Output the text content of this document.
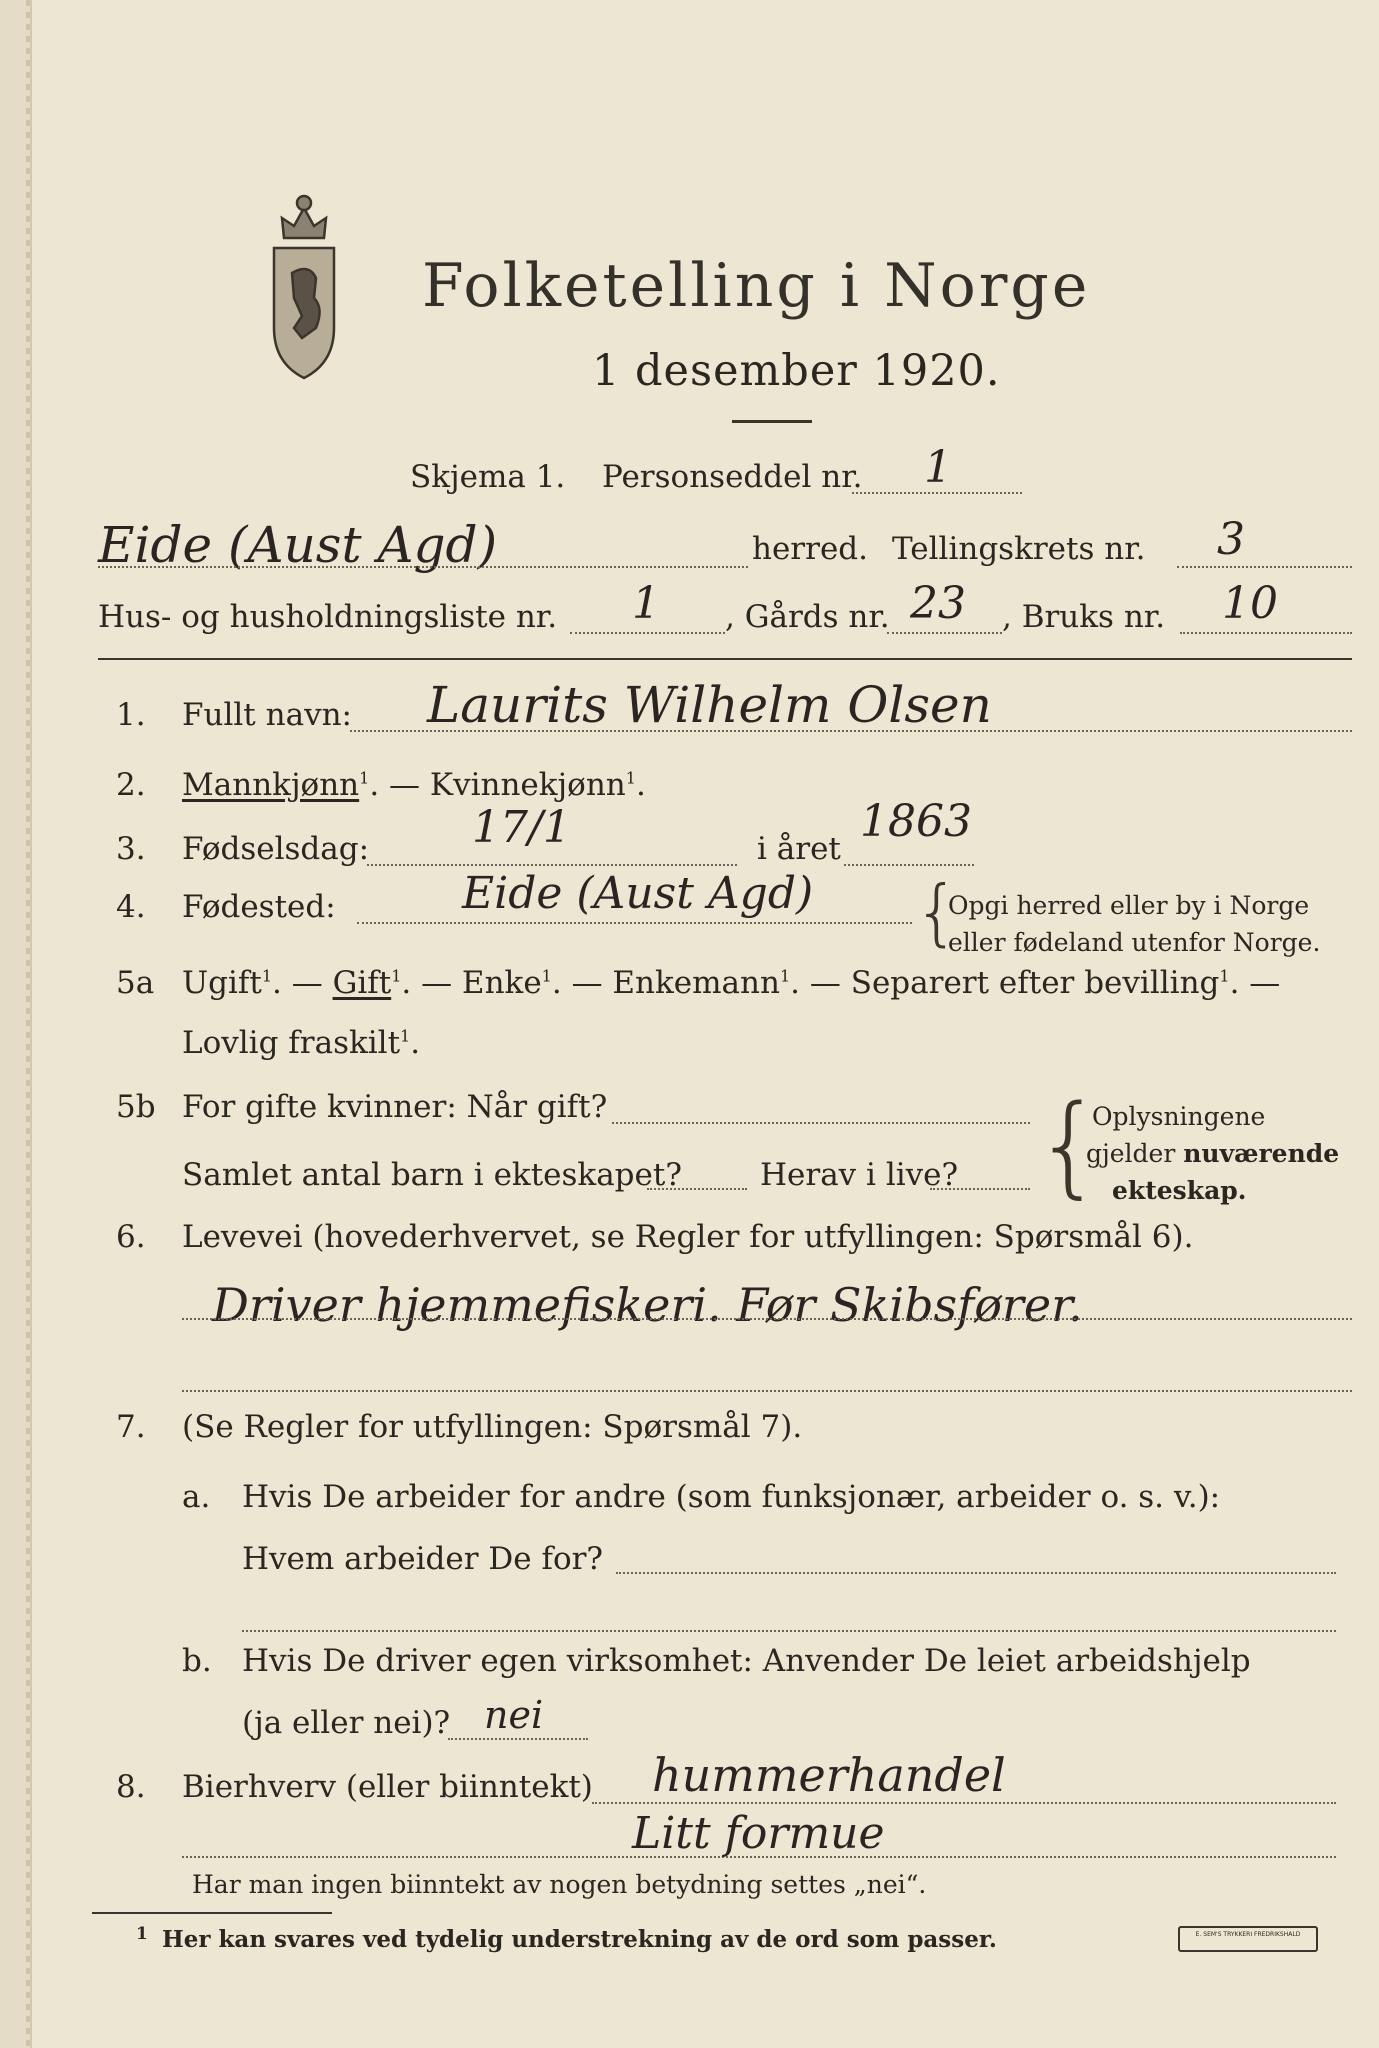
Folketelling i Norge
1 desember 1920.
Skjema 1. Personseddel nr. 1
Eide (Aust Agd)	herred. Tellingskrets nr. 3
Hus- og husholdningsliste nr. 1 , Gårds nr. 23 , Bruks nr. 10
1. Fullt navn: Laurits Wilhelm Olsen
2. Mannkjønn$^1$. — Kvinnekjønn$^1$.
3. Fødselsdag: 17/1	i året
1863
4. Fødested:	Eide (Aust Agd) {
Opgi herred eller by i Norge
eller fødeland utenfor Norge.
5a Ugift$^1$. — Gift$^1$. — Enke$^1$. — Enkemann$^1$. — Separert efter bevilling$^1$. —
Lovlig fraskilt$^1$.
5b For gifte kvinner: Når gift?
Samlet antal barn i ekteskapet?	Herav i live? {
Oplysningene
gjelder nuværende
ekteskap.
6. Levevei (hovederhvervet, se Regler for utfyllingen: Spørsmål 6).
Driver hjemmefiskeri. Før Skibsfører.
7. (Se Regler for utfyllingen: Spørsmål 7).
a. Hvis De arbeider for andre (som funksjonær, arbeider o. s. v.):
Hvem arbeider De for?
b. Hvis De driver egen virksomhet: Anvender De leiet arbeidshjelp
(ja eller nei)? nei
8. Bierhverv (eller biinntekt) hummerhandel
Litt formue
Har man ingen biinntekt av nogen betydning settes „nei“.
1 Her kan svares ved tydelig understrekning av de ord som passer.	E. SEM'S TRYKKERI FREDRIKSHALD
